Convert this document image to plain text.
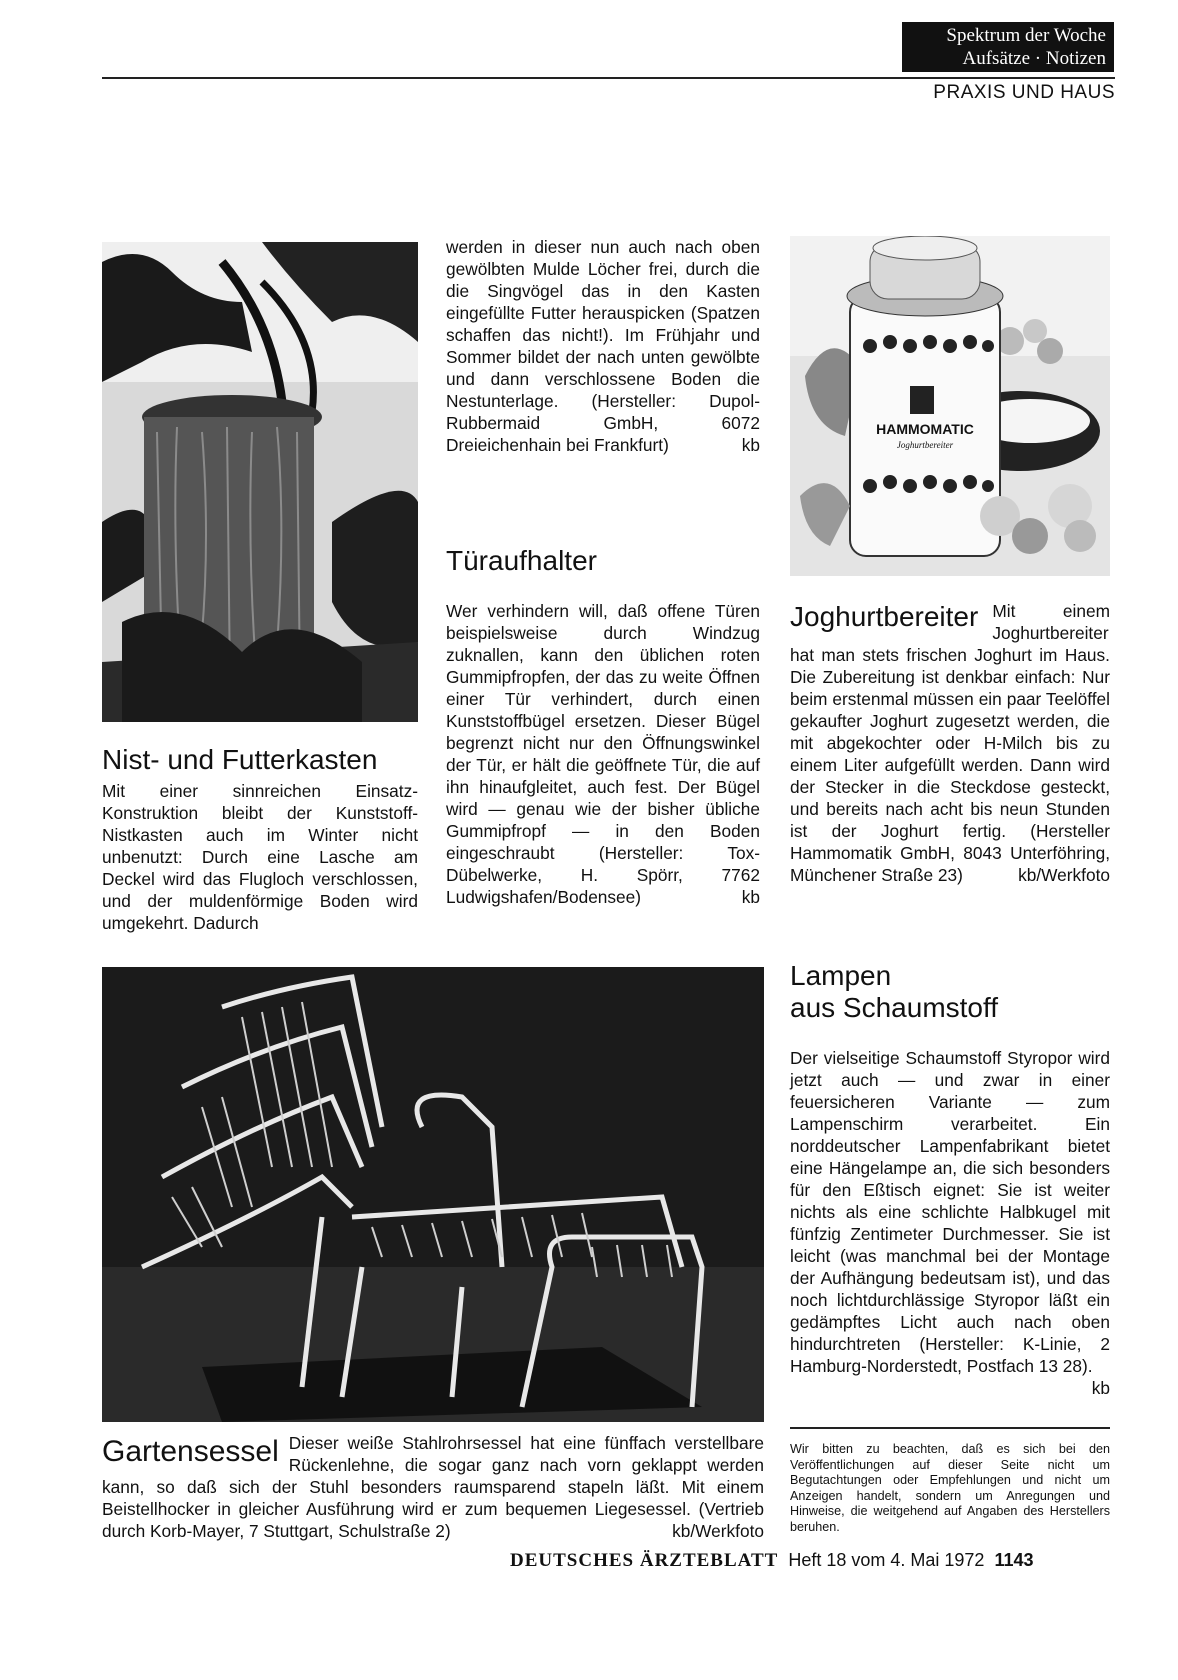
Spektrum der Woche
Aufsätze · Notizen
PRAXIS UND HAUS
Nist- und Futterkasten

Mit einer sinnreichen Einsatz-Konstruktion bleibt der Kunststoff-Nistkasten auch im Winter nicht unbenutzt: Durch eine Lasche am Deckel wird das Flugloch verschlossen, und der muldenförmige Boden wird umgekehrt. Dadurch

werden in dieser nun auch nach oben gewölbten Mulde Löcher frei, durch die die Singvögel das in den Kasten eingefüllte Futter herauspicken (Spatzen schaffen das nicht!). Im Frühjahr und Sommer bildet der nach unten gewölbte und dann verschlossene Boden die Nestunterlage. (Hersteller: Dupol-Rubbermaid GmbH, 6072 Dreieichenhain bei Frankfurt)	kb
Türaufhalter
Wer verhindern will, daß offene Türen beispielsweise durch Windzug zuknallen, kann den üblichen roten Gummipfropfen, der das zu weite Öffnen einer Tür verhindert, durch einen Kunststoffbügel ersetzen. Dieser Bügel begrenzt nicht nur den Öffnungswinkel der Tür, er hält die geöffnete Tür, die auf ihn hinaufgleitet, auch fest. Der Bügel wird — genau wie der bisher übliche Gummipfropf — in den Boden eingeschraubt (Hersteller: Tox-Dübelwerke, H. Spörr, 7762 Ludwigshafen/Bodensee)	kb
HAMMOMATIC
Joghurtbereiter
Joghurtbereiter Mit einem Joghurtbereiter hat man stets frischen Joghurt im Haus. Die Zubereitung ist denkbar einfach: Nur beim erstenmal müssen ein paar Teelöffel gekaufter Joghurt zugesetzt werden, die mit abgekochter oder H-Milch bis zu einem Liter aufgefüllt werden. Dann wird der Stecker in die Steckdose gesteckt, und bereits nach acht bis neun Stunden ist der Joghurt fertig. (Hersteller Hammomatik GmbH, 8043 Unterföhring, Münchener Straße 23)	kb/Werkfoto
Gartensessel Dieser weiße Stahlrohrsessel hat eine fünffach verstellbare Rückenlehne, die sogar ganz nach vorn geklappt werden kann, so daß sich der Stuhl besonders raumsparend stapeln läßt. Mit einem Beistellhocker in gleicher Ausführung wird er zum bequemen Liegesessel. (Vertrieb durch Korb-Mayer, 7 Stuttgart, Schulstraße 2)	kb/Werkfoto
Lampen
aus Schaumstoff
Der vielseitige Schaumstoff Styropor wird jetzt auch — und zwar in einer feuersicheren Variante — zum Lampenschirm verarbeitet. Ein norddeutscher Lampenfabrikant bietet eine Hängelampe an, die sich besonders für den Eßtisch eignet: Sie ist weiter nichts als eine schlichte Halbkugel mit fünfzig Zentimeter Durchmesser. Sie ist leicht (was manchmal bei der Montage der Aufhängung bedeutsam ist), und das noch lichtdurchlässige Styropor läßt ein gedämpftes Licht auch nach oben hindurchtreten (Hersteller: K-Linie, 2 Hamburg-Norderstedt, Postfach 13 28).
kb

Wir bitten zu beachten, daß es sich bei den Veröffentlichungen auf dieser Seite nicht um Begutachtungen oder Empfehlungen und nicht um Anzeigen handelt, sondern um Anregungen und Hinweise, die weitgehend auf Angaben des Herstellers beruhen.

DEUTSCHES ÄRZTEBLATT Heft 18 vom 4. Mai 1972 1143
